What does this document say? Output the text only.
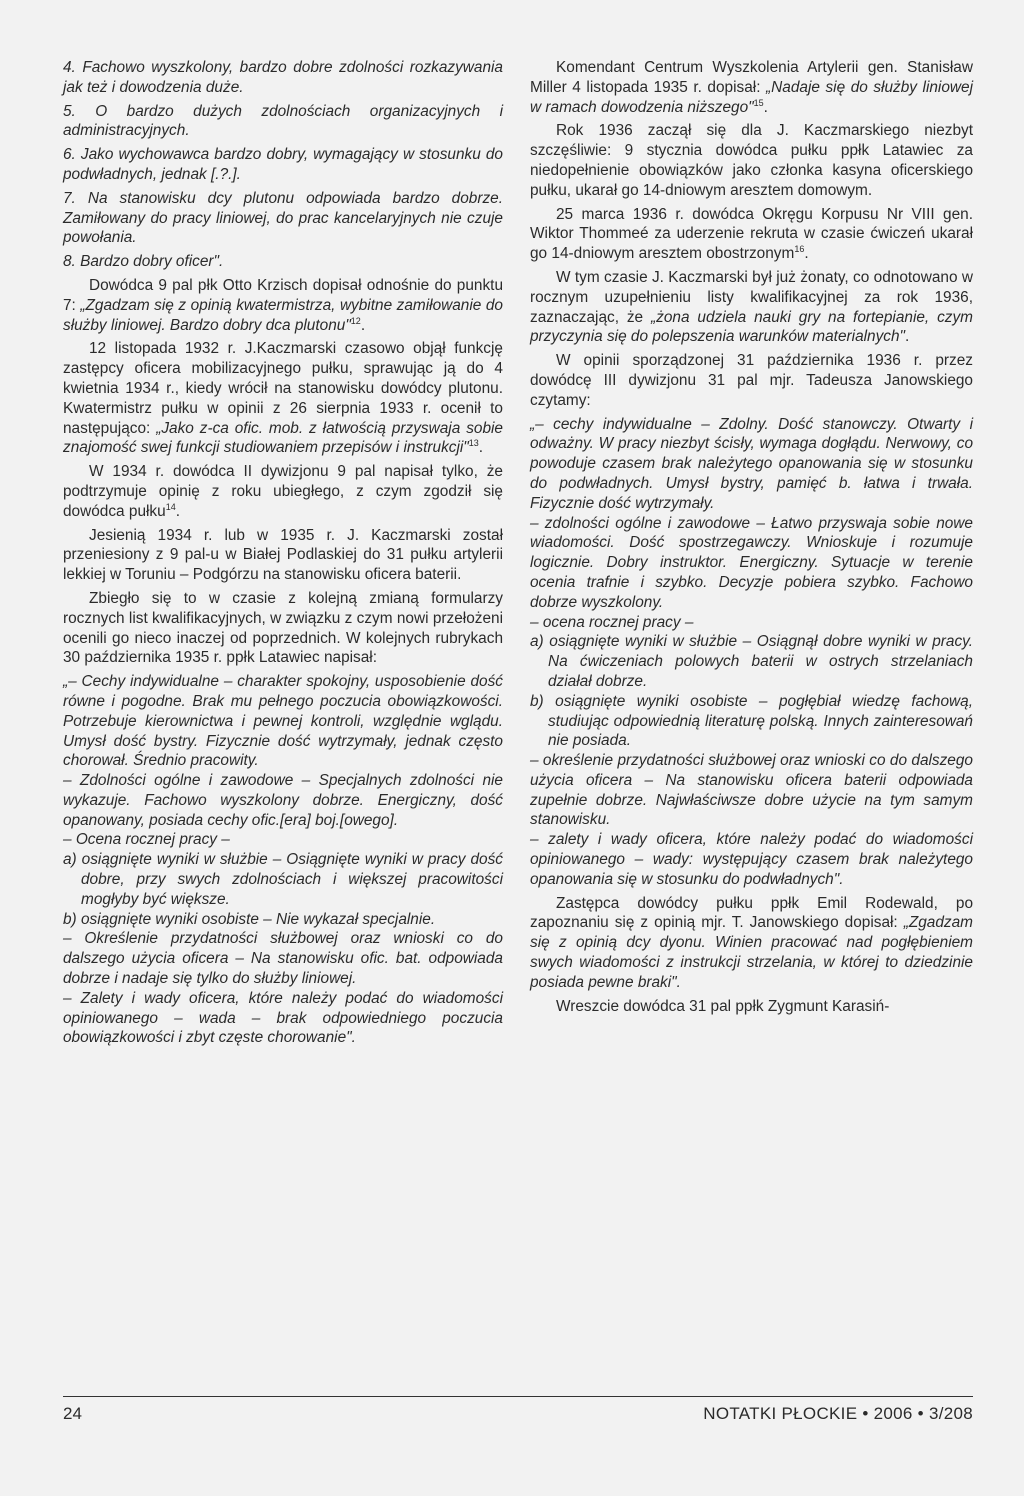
4. Fachowo wyszkolony, bardzo dobre zdolności rozkazywania jak też i dowodzenia duże.

5. O bardzo dużych zdolnościach organizacyjnych i administracyjnych.

6. Jako wychowawca bardzo dobry, wymagający w stosunku do podwładnych, jednak [.?.].

7. Na stanowisku dcy plutonu odpowiada bardzo dobrze. Zamiłowany do pracy liniowej, do prac kancelaryjnych nie czuje powołania.

8. Bardzo dobry oficer".

Dowódca 9 pal płk Otto Krzisch dopisał odnośnie do punktu 7: „Zgadzam się z opinią kwatermistrza, wybitne zamiłowanie do służby liniowej. Bardzo dobry dca plutonu"$^{12}$.

12 listopada 1932 r. J.Kaczmarski czasowo objął funkcję zastępcy oficera mobilizacyjnego pułku, sprawując ją do 4 kwietnia 1934 r., kiedy wrócił na stanowisku dowódcy plutonu. Kwatermistrz pułku w opinii z 26 sierpnia 1933 r. ocenił to następująco: „Jako z-ca ofic. mob. z łatwością przyswaja sobie znajomość swej funkcji studiowaniem przepisów i instrukcji"$^{13}$.

W 1934 r. dowódca II dywizjonu 9 pal napisał tylko, że podtrzymuje opinię z roku ubiegłego, z czym zgodził się dowódca pułku$^{14}$.

Jesienią 1934 r. lub w 1935 r. J. Kaczmarski został przeniesiony z 9 pal-u w Białej Podlaskiej do 31 pułku artylerii lekkiej w Toruniu – Podgórzu na stanowisku oficera baterii.

Zbiegło się to w czasie z kolejną zmianą formularzy rocznych list kwalifikacyjnych, w związku z czym nowi przełożeni ocenili go nieco inaczej od poprzednich. W kolejnych rubrykach 30 października 1935 r. ppłk Latawiec napisał:

„– Cechy indywidualne – charakter spokojny, usposobienie dość równe i pogodne. Brak mu pełnego poczucia obowiązkowości. Potrzebuje kierownictwa i pewnej kontroli, względnie wglądu. Umysł dość bystry. Fizycznie dość wytrzymały, jednak często chorował. Średnio pracowity.

– Zdolności ogólne i zawodowe – Specjalnych zdolności nie wykazuje. Fachowo wyszkolony dobrze. Energiczny, dość opanowany, posiada cechy ofic.[era] boj.[owego].

– Ocena rocznej pracy –

a) osiągnięte wyniki w służbie – Osiągnięte wyniki w pracy dość dobre, przy swych zdolnościach i większej pracowitości mogłyby być większe.

b) osiągnięte wyniki osobiste – Nie wykazał specjalnie.

– Określenie przydatności służbowej oraz wnioski co do dalszego użycia oficera – Na stanowisku ofic. bat. odpowiada dobrze i nadaje się tylko do służby liniowej.

– Zalety i wady oficera, które należy podać do wiadomości opiniowanego – wada – brak odpowiedniego poczucia obowiązkowości i zbyt częste chorowanie".

Komendant Centrum Wyszkolenia Artylerii gen. Stanisław Miller 4 listopada 1935 r. dopisał: „Nadaje się do służby liniowej w ramach dowodzenia niższego"$^{15}$.

Rok 1936 zaczął się dla J. Kaczmarskiego niezbyt szczęśliwie: 9 stycznia dowódca pułku ppłk Latawiec za niedopełnienie obowiązków jako członka kasyna oficerskiego pułku, ukarał go 14-dniowym aresztem domowym.

25 marca 1936 r. dowódca Okręgu Korpusu Nr VIII gen. Wiktor Thommeé za uderzenie rekruta w czasie ćwiczeń ukarał go 14-dniowym aresztem obostrzonym$^{16}$.

W tym czasie J. Kaczmarski był już żonaty, co odnotowano w rocznym uzupełnieniu listy kwalifikacyjnej za rok 1936, zaznaczając, że „żona udziela nauki gry na fortepianie, czym przyczynia się do polepszenia warunków materialnych".

W opinii sporządzonej 31 października 1936 r. przez dowódcę III dywizjonu 31 pal mjr. Tadeusza Janowskiego czytamy:

„– cechy indywidualne – Zdolny. Dość stanowczy. Otwarty i odważny. W pracy niezbyt ścisły, wymaga dogłądu. Nerwowy, co powoduje czasem brak należytego opanowania się w stosunku do podwładnych. Umysł bystry, pamięć b. łatwa i trwała. Fizycznie dość wytrzymały.

– zdolności ogólne i zawodowe – Łatwo przyswaja sobie nowe wiadomości. Dość spostrzegawczy. Wnioskuje i rozumuje logicznie. Dobry instruktor. Energiczny. Sytuacje w terenie ocenia trafnie i szybko. Decyzje pobiera szybko. Fachowo dobrze wyszkolony.

– ocena rocznej pracy –

a) osiągnięte wyniki w służbie – Osiągnął dobre wyniki w pracy. Na ćwiczeniach polowych baterii w ostrych strzelaniach działał dobrze.

b) osiągnięte wyniki osobiste – pogłębiał wiedzę fachową, studiując odpowiednią literaturę polską. Innych zainteresowań nie posiada.

– określenie przydatności służbowej oraz wnioski co do dalszego użycia oficera – Na stanowisku oficera baterii odpowiada zupełnie dobrze. Najwłaściwsze dobre użycie na tym samym stanowisku.

– zalety i wady oficera, które należy podać do wiadomości opiniowanego – wady: występujący czasem brak należytego opanowania się w stosunku do podwładnych".

Zastępca dowódcy pułku ppłk Emil Rodewald, po zapoznaniu się z opinią mjr. T. Janowskiego dopisał: „Zgadzam się z opinią dcy dyonu. Winien pracować nad pogłębieniem swych wiadomości z instrukcji strzelania, w której to dziedzinie posiada pewne braki".

Wreszcie dowódca 31 pal ppłk Zygmunt Karasiń-

24	NOTATKI PŁOCKIE • 2006 • 3/208
